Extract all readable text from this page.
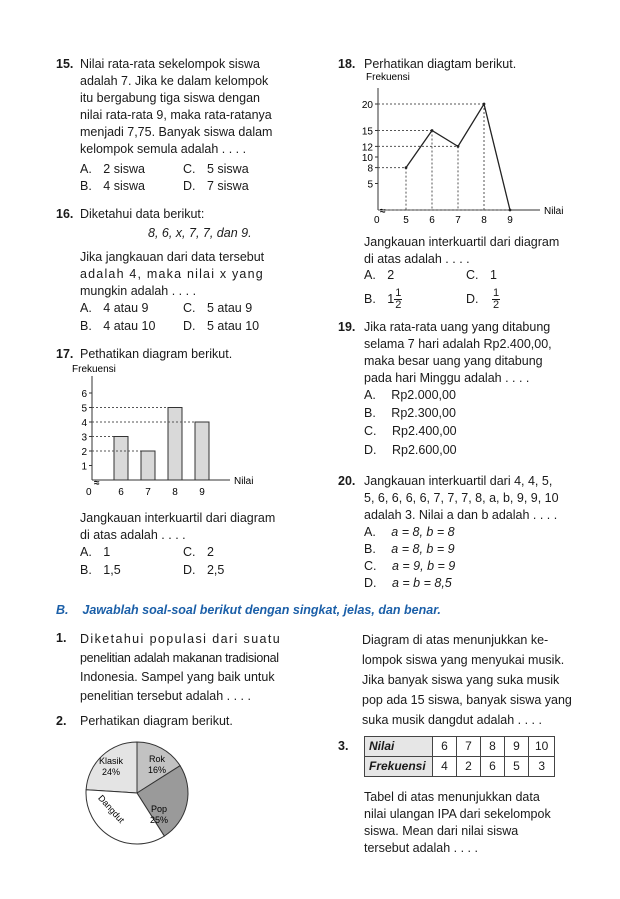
15. Nilai rata-rata sekelompok siswa
adalah 7. Jika ke dalam kelompok
itu bergabung tiga siswa dengan
nilai rata-rata 9, maka rata-ratanya
menjadi 7,75. Banyak siswa dalam
kelompok semula adalah . . . .
A. 2 siswa	C. 5 siswa
B. 4 siswa	D. 7 siswa
16. Diketahui data berikut:
8, 6, x, 7, 7, dan 9.
Jika jangkauan dari data tersebut
adalah 4, maka nilai x yang
mungkin adalah . . . .
A. 4 atau 9	C. 5 atau 9
B. 4 atau 10 D. 5 atau 10
17. Pethatikan diagram berikut.
Frekuensi
Nilai
0
≈
1
2
3
4
5
6
6 7 8 9
Jangkauan interkuartil dari diagram
di atas adalah . . . .
A. 1	C. 2
B. 1,5	D. 2,5
18. Perhatikan diagtam berikut.
Frekuensi
Nilai
0
≈
5
8
10
12
15
20
5 6 7 8 9
Jangkauan interkuartil dari diagram
di atas adalah . . . .
A. 2	C. 1
B. $1 \frac{1}{2}$	D. $\frac{1}{2}$
19. Jika rata-rata uang yang ditabung
selama 7 hari adalah Rp2.400,00,
maka besar uang yang ditabung
pada hari Minggu adalah . . . .
A. Rp2.000,00
B. Rp2.300,00
C. Rp2.400,00
D. Rp2.600,00
20. Jangkauan interkuartil dari 4, 4, 5,
5, 6, 6, 6, 6, 7, 7, 7, 8, a, b, 9, 9, 10
adalah 3. Nilai a dan b adalah . . . .
A. a = 8, b = 8
B. a = 8, b = 9
C. a = 9, b = 9
D. a = b = 8,5
B.    Jawablah soal-soal berikut dengan singkat, jelas, dan benar.
1. Diketahui populasi dari suatu
penelitian adalah makanan tradisional
Indonesia. Sampel yang baik untuk
penelitian tersebut adalah . . . .
2. Perhatikan diagram berikut.
Klasik
24%
Rok
16%
Pop
25%
Dangdut
Diagram di atas menunjukkan ke-
lompok siswa yang menyukai musik.
Jika banyak siswa yang suka musik
pop ada 15 siswa, banyak siswa yang
suka musik dangdut adalah . . . .
3. Nilai	6	7	8	9	10
Frekuensi	4	2	6	5	3
Tabel di atas menunjukkan data
nilai ulangan IPA dari sekelompok
siswa. Mean dari nilai siswa
tersebut adalah . . . .
